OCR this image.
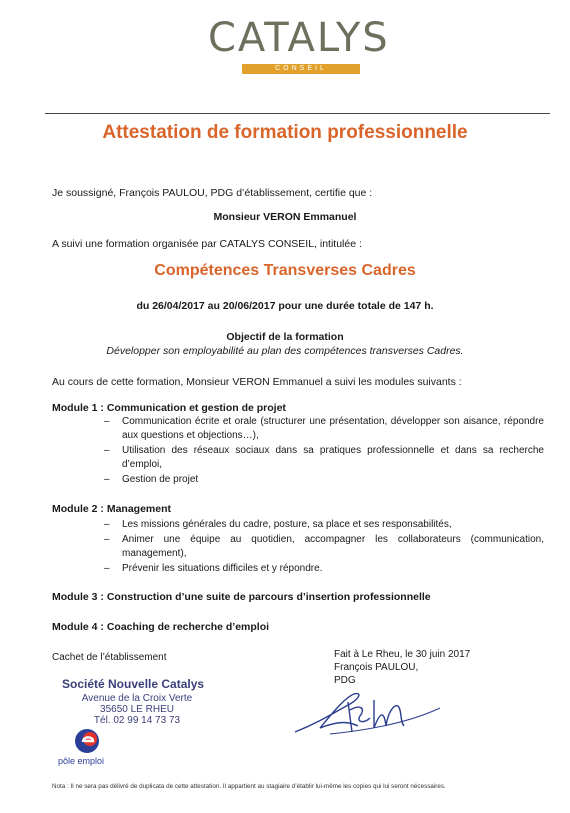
CATALYS
CONSEIL
Attestation de formation professionnelle
Je soussigné, François PAULOU, PDG d’établissement, certifie que :
Monsieur VERON Emmanuel
A suivi une formation organisée par CATALYS CONSEIL, intitulée :
Compétences Transverses Cadres
du 26/04/2017 au 20/06/2017 pour une durée totale de 147 h.
Objectif de la formation
Développer son employabilité au plan des compétences transverses Cadres.
Au cours de cette formation, Monsieur VERON Emmanuel a suivi les modules suivants :
Module 1 : Communication et gestion de projet
– Communication écrite et orale (structurer une présentation, développer son aisance, répondre aux questions et objections…),
– Utilisation des réseaux sociaux dans sa pratiques professionnelle et dans sa recherche d’emploi,
– Gestion de projet
Module 2 : Management
– Les missions générales du cadre, posture, sa place et ses responsabilités,
– Animer une équipe au quotidien, accompagner les collaborateurs (communication, management),
– Prévenir les situations difficiles et y répondre.
Module 3 : Construction d’une suite de parcours d’insertion professionnelle
Module 4 : Coaching de recherche d’emploi
Cachet de l’établissement	Fait à Le Rheu, le 30 juin 2017
François PAULOU,
PDG
Société Nouvelle Catalys
Avenue de la Croix Verte
35650 LE RHEU
Tél. 02 99 14 73 73
pôle emploi
Nota : Il ne sera pas délivré de duplicata de cette attestation. Il appartient au stagiaire d’établir lui-même les copies qui lui seront nécessaires.
